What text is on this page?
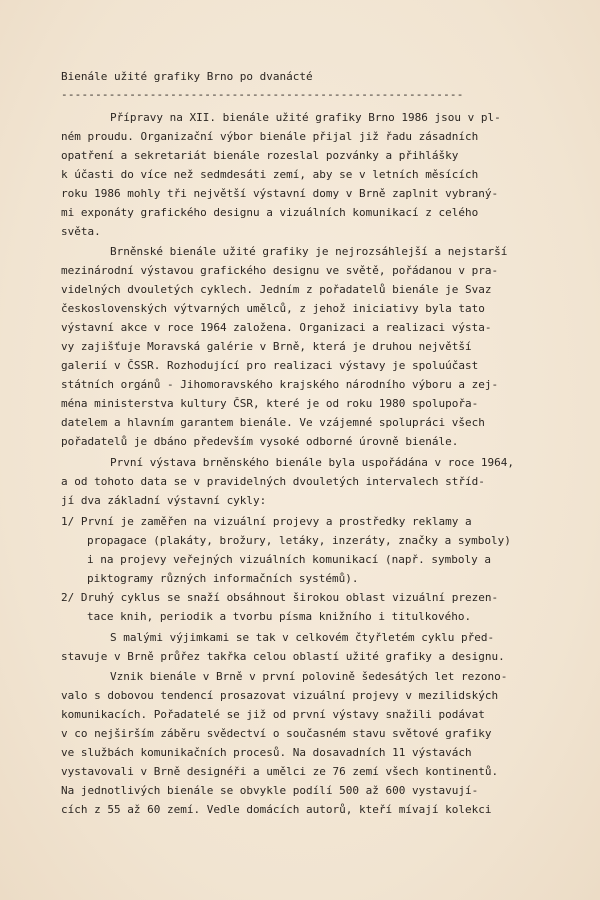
Bienále užité grafiky Brno po dvanácté
-----------------------------------------------------------
Přípravy na XII. bienále užité grafiky Brno 1986 jsou v pl-
ném proudu. Organizační výbor bienále přijal již řadu zásadních
opatření a sekretariát bienále rozeslal pozvánky a přihlášky
k účasti do více než sedmdesáti zemí, aby se v letních měsících
roku 1986 mohly tři největší výstavní domy v Brně zaplnit vybraný-
mi exponáty grafického designu a vizuálních komunikací z celého
světa.
Brněnské bienále užité grafiky je nejrozsáhlejší a nejstarší
mezinárodní výstavou grafického designu ve světě, pořádanou v pra-
videlných dvouletých cyklech. Jedním z pořadatelů bienále je Svaz
československých výtvarných umělců, z jehož iniciativy byla tato
výstavní akce v roce 1964 založena. Organizaci a realizaci výsta-
vy zajišťuje Moravská galérie v Brně, která je druhou největší
galerií v ČSSR. Rozhodující pro realizaci výstavy je spoluúčast
státních orgánů - Jihomoravského krajského národního výboru a zej-
ména ministerstva kultury ČSR, které je od roku 1980 spolupořa-
datelem a hlavním garantem bienále. Ve vzájemné spolupráci všech
pořadatelů je dbáno především vysoké odborné úrovně bienále.
První výstava brněnského bienále byla uspořádána v roce 1964,
a od tohoto data se v pravidelných dvouletých intervalech stříd-
jí dva základní výstavní cykly:
1/ První je zaměřen na vizuální projevy a prostředky reklamy a
propagace (plakáty, brožury, letáky, inzeráty, značky a symboly)
i na projevy veřejných vizuálních komunikací (např. symboly a
piktogramy různých informačních systémů).
2/ Druhý cyklus se snaží obsáhnout širokou oblast vizuální prezen-
tace knih, periodik a tvorbu písma knižního i titulkového.
S malými výjimkami se tak v celkovém čtyřletém cyklu před-
stavuje v Brně průřez takřka celou oblastí užité grafiky a designu.
Vznik bienále v Brně v první polovině šedesátých let rezono-
valo s dobovou tendencí prosazovat vizuální projevy v mezilidských
komunikacích. Pořadatelé se již od první výstavy snažili podávat
v co nejširším záběru svědectví o současném stavu světové grafiky
ve službách komunikačních procesů. Na dosavadních 11 výstavách
vystavovali v Brně designéři a umělci ze 76 zemí všech kontinentů.
Na jednotlivých bienále se obvykle podílí 500 až 600 vystavují-
cích z 55 až 60 zemí. Vedle domácích autorů, kteří mívají kolekci
